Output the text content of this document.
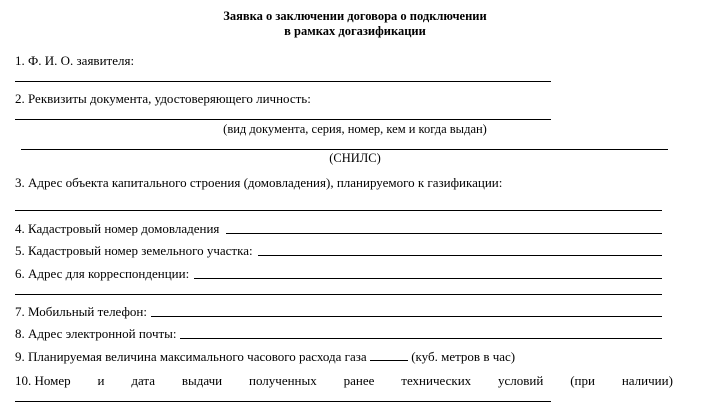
Заявка о заключении договора о подключении
в рамках догазификации
1. Ф. И. О. заявителя:
2. Реквизиты документа, удостоверяющего личность:
(вид документа, серия, номер, кем и когда выдан)
(СНИЛС)
3. Адрес объекта капитального строения (домовладения), планируемого к газификации:
4. Кадастровый номер домовладения
5. Кадастровый номер земельного участка:
6. Адрес для корреспонденции:
7. Мобильный телефон:
8. Адрес электронной почты:
9. Планируемая величина максимального часового расхода газа	(куб. метров в час)
10. Номер и дата выдачи полученных ранее технических условий (при наличии)
